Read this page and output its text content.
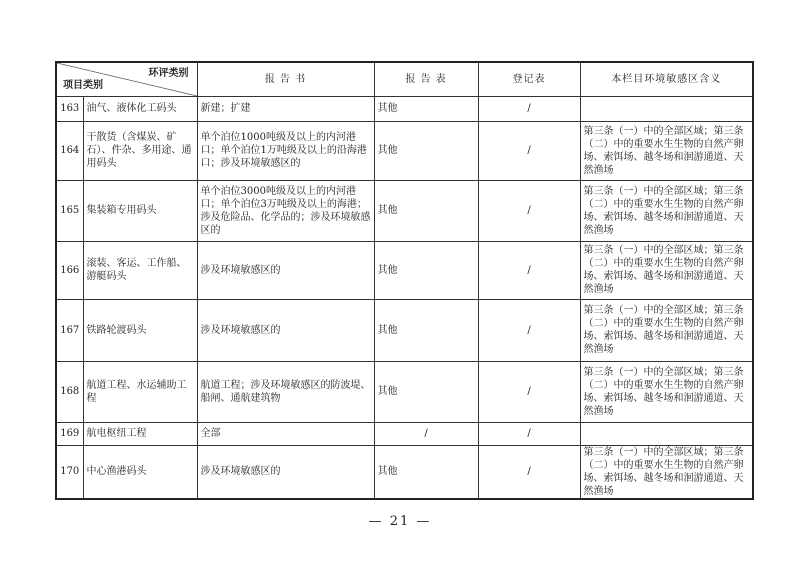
环评类别
项目类别		报 告 书	报 告 表	登记表	本栏目环境敏感区含义
163	油气、液体化工码头	新建；扩建	其他	/	
164	干散货（含煤炭、矿石）、件杂、多用途、通用码头	单个泊位1000吨级及以上的内河港口；单个泊位1万吨级及以上的沿海港口；涉及环境敏感区的	其他	/	第三条（一）中的全部区域；第三条（二）中的重要水生生物的自然产卵场、索饵场、越冬场和洄游通道、天然渔场
165	集装箱专用码头	单个泊位3000吨级及以上的内河港口；单个泊位3万吨级及以上的海港；涉及危险品、化学品的；涉及环境敏感区的	其他	/	第三条（一）中的全部区域；第三条（二）中的重要水生生物的自然产卵场、索饵场、越冬场和洄游通道、天然渔场
166	滚装、客运、工作船、游艇码头	涉及环境敏感区的	其他	/	第三条（一）中的全部区域；第三条（二）中的重要水生生物的自然产卵场、索饵场、越冬场和洄游通道、天然渔场
167	铁路轮渡码头	涉及环境敏感区的	其他	/	第三条（一）中的全部区域；第三条（二）中的重要水生生物的自然产卵场、索饵场、越冬场和洄游通道、天然渔场
168	航道工程、水运辅助工程	航道工程；涉及环境敏感区的防波堤、船闸、通航建筑物	其他	/	第三条（一）中的全部区域；第三条（二）中的重要水生生物的自然产卵场、索饵场、越冬场和洄游通道、天然渔场
169	航电枢纽工程	全部	/	/	
170	中心渔港码头	涉及环境敏感区的	其他	/	第三条（一）中的全部区域；第三条（二）中的重要水生生物的自然产卵场、索饵场、越冬场和洄游通道、天然渔场
— 21 —
